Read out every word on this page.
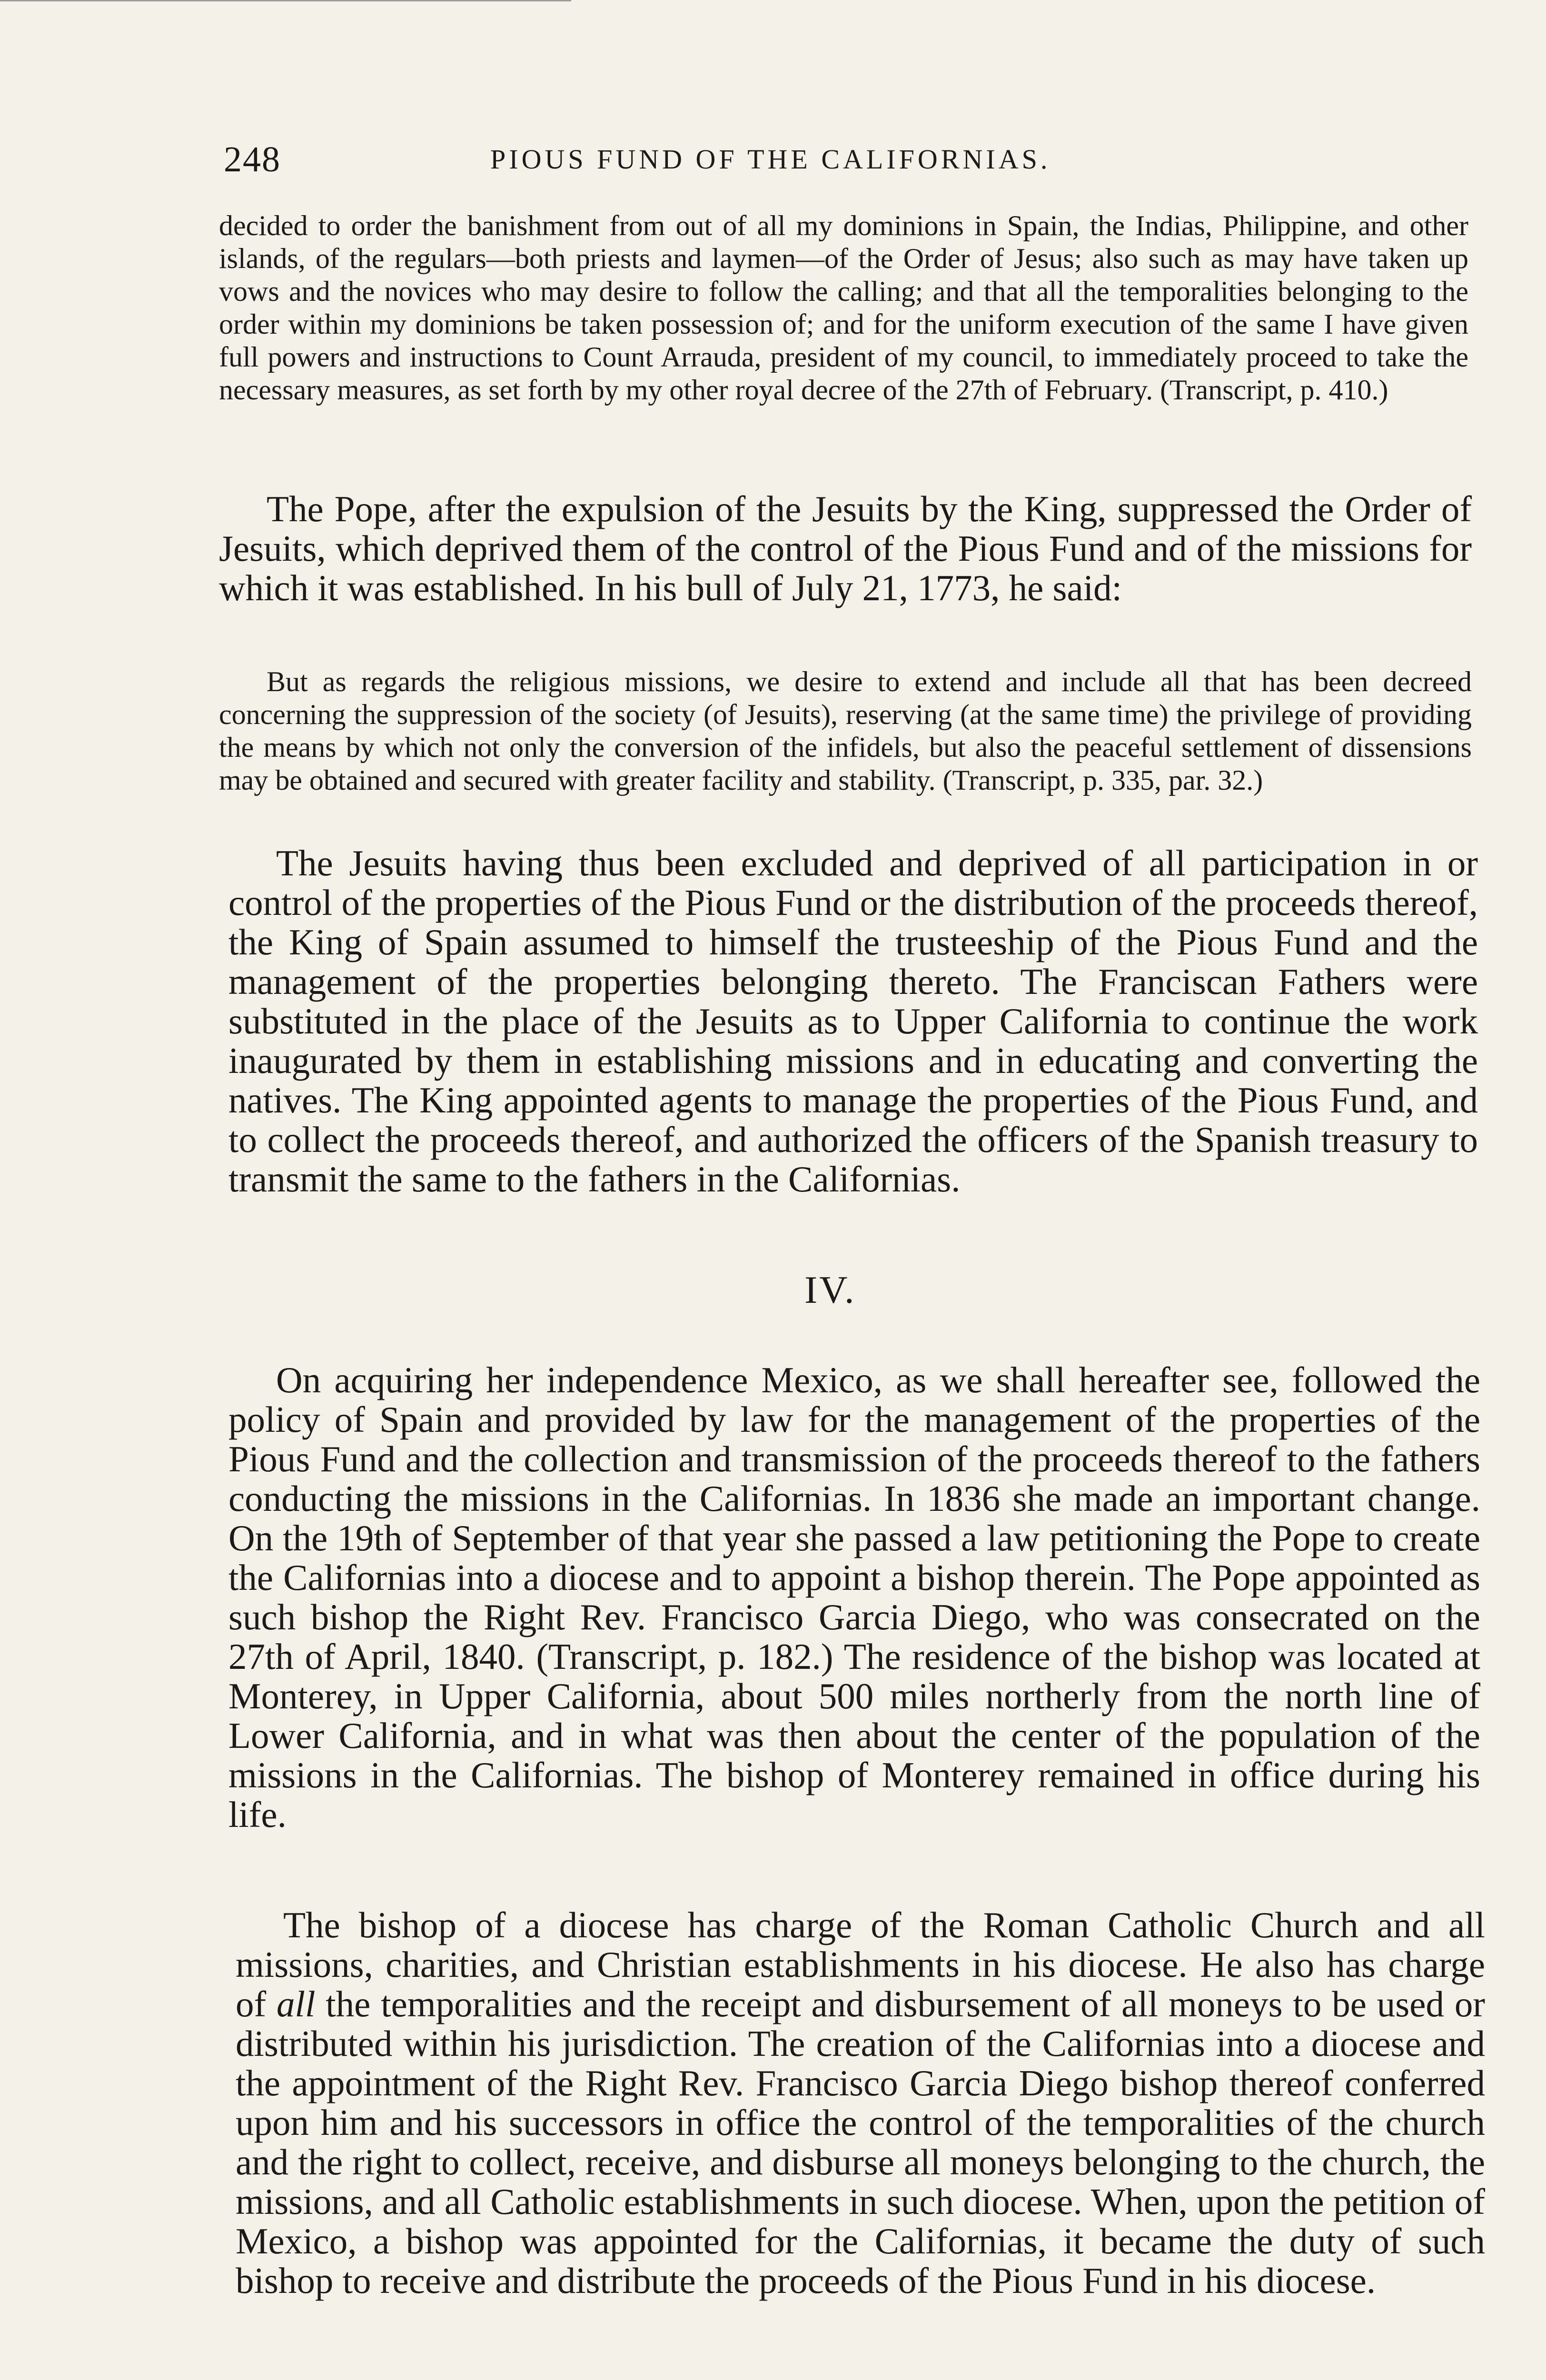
248	PIOUS FUND OF THE CALIFORNIAS.

decided to order the banishment from out of all my dominions in Spain, the Indias, Philippine, and other islands, of the regulars—both priests and laymen—of the Order of Jesus; also such as may have taken up vows and the novices who may desire to follow the calling; and that all the temporalities belonging to the order within my dominions be taken possession of; and for the uniform execution of the same I have given full powers and instructions to Count Arrauda, president of my council, to immediately proceed to take the necessary measures, as set forth by my other royal decree of the 27th of February. (Transcript, p. 410.)

The Pope, after the expulsion of the Jesuits by the King, suppressed the Order of Jesuits, which deprived them of the control of the Pious Fund and of the missions for which it was established. In his bull of July 21, 1773, he said:

But as regards the religious missions, we desire to extend and include all that has been decreed concerning the suppression of the society (of Jesuits), reserving (at the same time) the privilege of providing the means by which not only the conversion of the infidels, but also the peaceful settlement of dissensions may be obtained and secured with greater facility and stability. (Transcript, p. 335, par. 32.)

The Jesuits having thus been excluded and deprived of all participation in or control of the properties of the Pious Fund or the distribution of the proceeds thereof, the King of Spain assumed to himself the trusteeship of the Pious Fund and the management of the properties belonging thereto. The Franciscan Fathers were substituted in the place of the Jesuits as to Upper California to continue the work inaugurated by them in establishing missions and in educating and converting the natives. The King appointed agents to manage the properties of the Pious Fund, and to collect the proceeds thereof, and authorized the officers of the Spanish treasury to transmit the same to the fathers in the Californias.

IV.

On acquiring her independence Mexico, as we shall hereafter see, followed the policy of Spain and provided by law for the management of the properties of the Pious Fund and the collection and transmission of the proceeds thereof to the fathers conducting the missions in the Californias. In 1836 she made an important change. On the 19th of September of that year she passed a law petitioning the Pope to create the Californias into a diocese and to appoint a bishop therein. The Pope appointed as such bishop the Right Rev. Francisco Garcia Diego, who was consecrated on the 27th of April, 1840. (Transcript, p. 182.) The residence of the bishop was located at Monterey, in Upper California, about 500 miles northerly from the north line of Lower California, and in what was then about the center of the population of the missions in the Californias. The bishop of Monterey remained in office during his life.

The bishop of a diocese has charge of the Roman Catholic Church and all missions, charities, and Christian establishments in his diocese. He also has charge of all the temporalities and the receipt and disbursement of all moneys to be used or distributed within his jurisdiction. The creation of the Californias into a diocese and the appointment of the Right Rev. Francisco Garcia Diego bishop thereof conferred upon him and his successors in office the control of the temporalities of the church and the right to collect, receive, and disburse all moneys belonging to the church, the missions, and all Catholic establishments in such diocese. When, upon the petition of Mexico, a bishop was appointed for the Californias, it became the duty of such bishop to receive and distribute the proceeds of the Pious Fund in his diocese.
